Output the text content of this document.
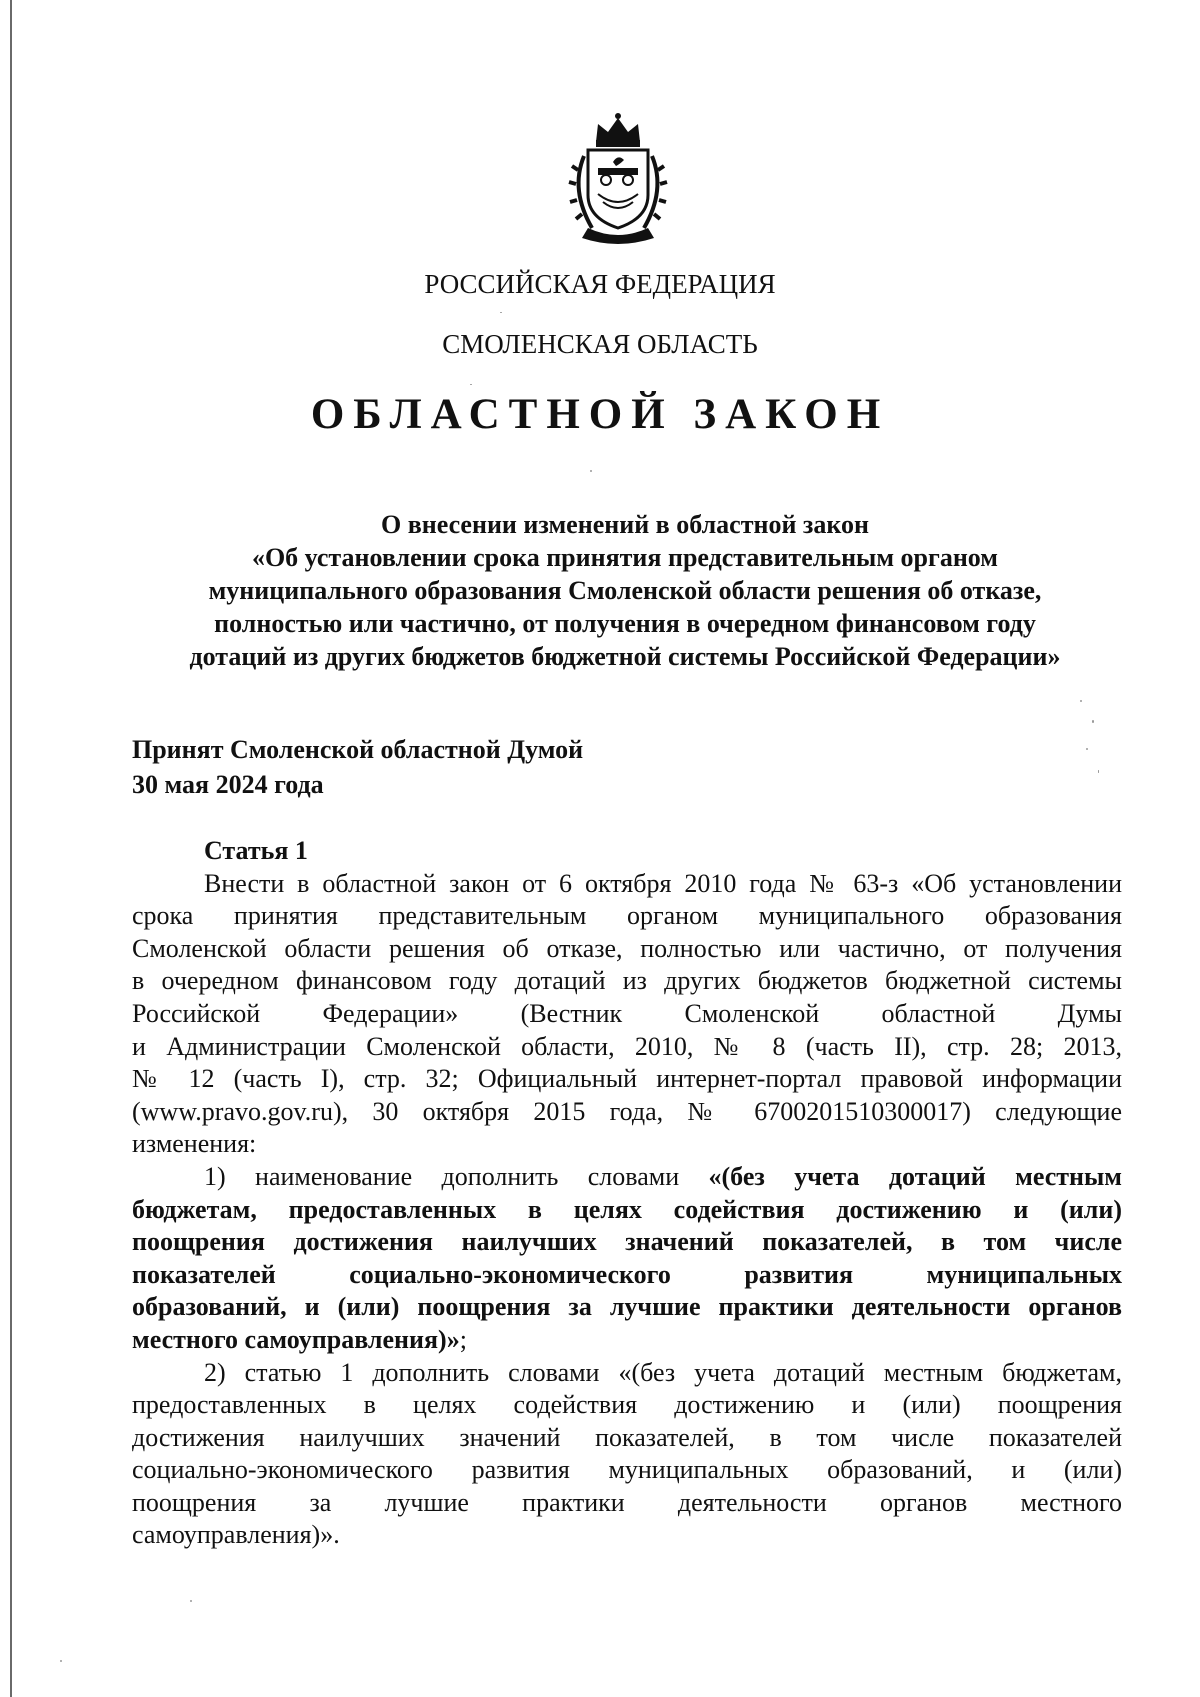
РОССИЙСКАЯ ФЕДЕРАЦИЯ
СМОЛЕНСКАЯ ОБЛАСТЬ
ОБЛАСТНОЙ ЗАКОН
О внесении изменений в областной закон
«Об установлении срока принятия представительным органом
муниципального образования Смоленской области решения об отказе,
полностью или частично, от получения в очередном финансовом году
дотаций из других бюджетов бюджетной системы Российской Федерации»
Принят Смоленской областной Думой
30 мая 2024 года
Статья 1
Внести в областной закон от 6 октября 2010 года № 63-з «Об установлении
срока принятия представительным органом муниципального образования
Смоленской области решения об отказе, полностью или частично, от получения
в очередном финансовом году дотаций из других бюджетов бюджетной системы
Российской Федерации» (Вестник Смоленской областной Думы
и Администрации Смоленской области, 2010, № 8 (часть II), стр. 28; 2013,
№ 12 (часть I), стр. 32; Официальный интернет-портал правовой информации
(www.pravo.gov.ru), 30 октября 2015 года, № 6700201510300017) следующие
изменения:
1) наименование дополнить словами «(без учета дотаций местным
бюджетам, предоставленных в целях содействия достижению и (или)
поощрения достижения наилучших значений показателей, в том числе
показателей социально-экономического развития муниципальных
образований, и (или) поощрения за лучшие практики деятельности органов
местного самоуправления)»;
2) статью 1 дополнить словами «(без учета дотаций местным бюджетам,
предоставленных в целях содействия достижению и (или) поощрения
достижения наилучших значений показателей, в том числе показателей
социально-экономического развития муниципальных образований, и (или)
поощрения за лучшие практики деятельности органов местного
самоуправления)».
